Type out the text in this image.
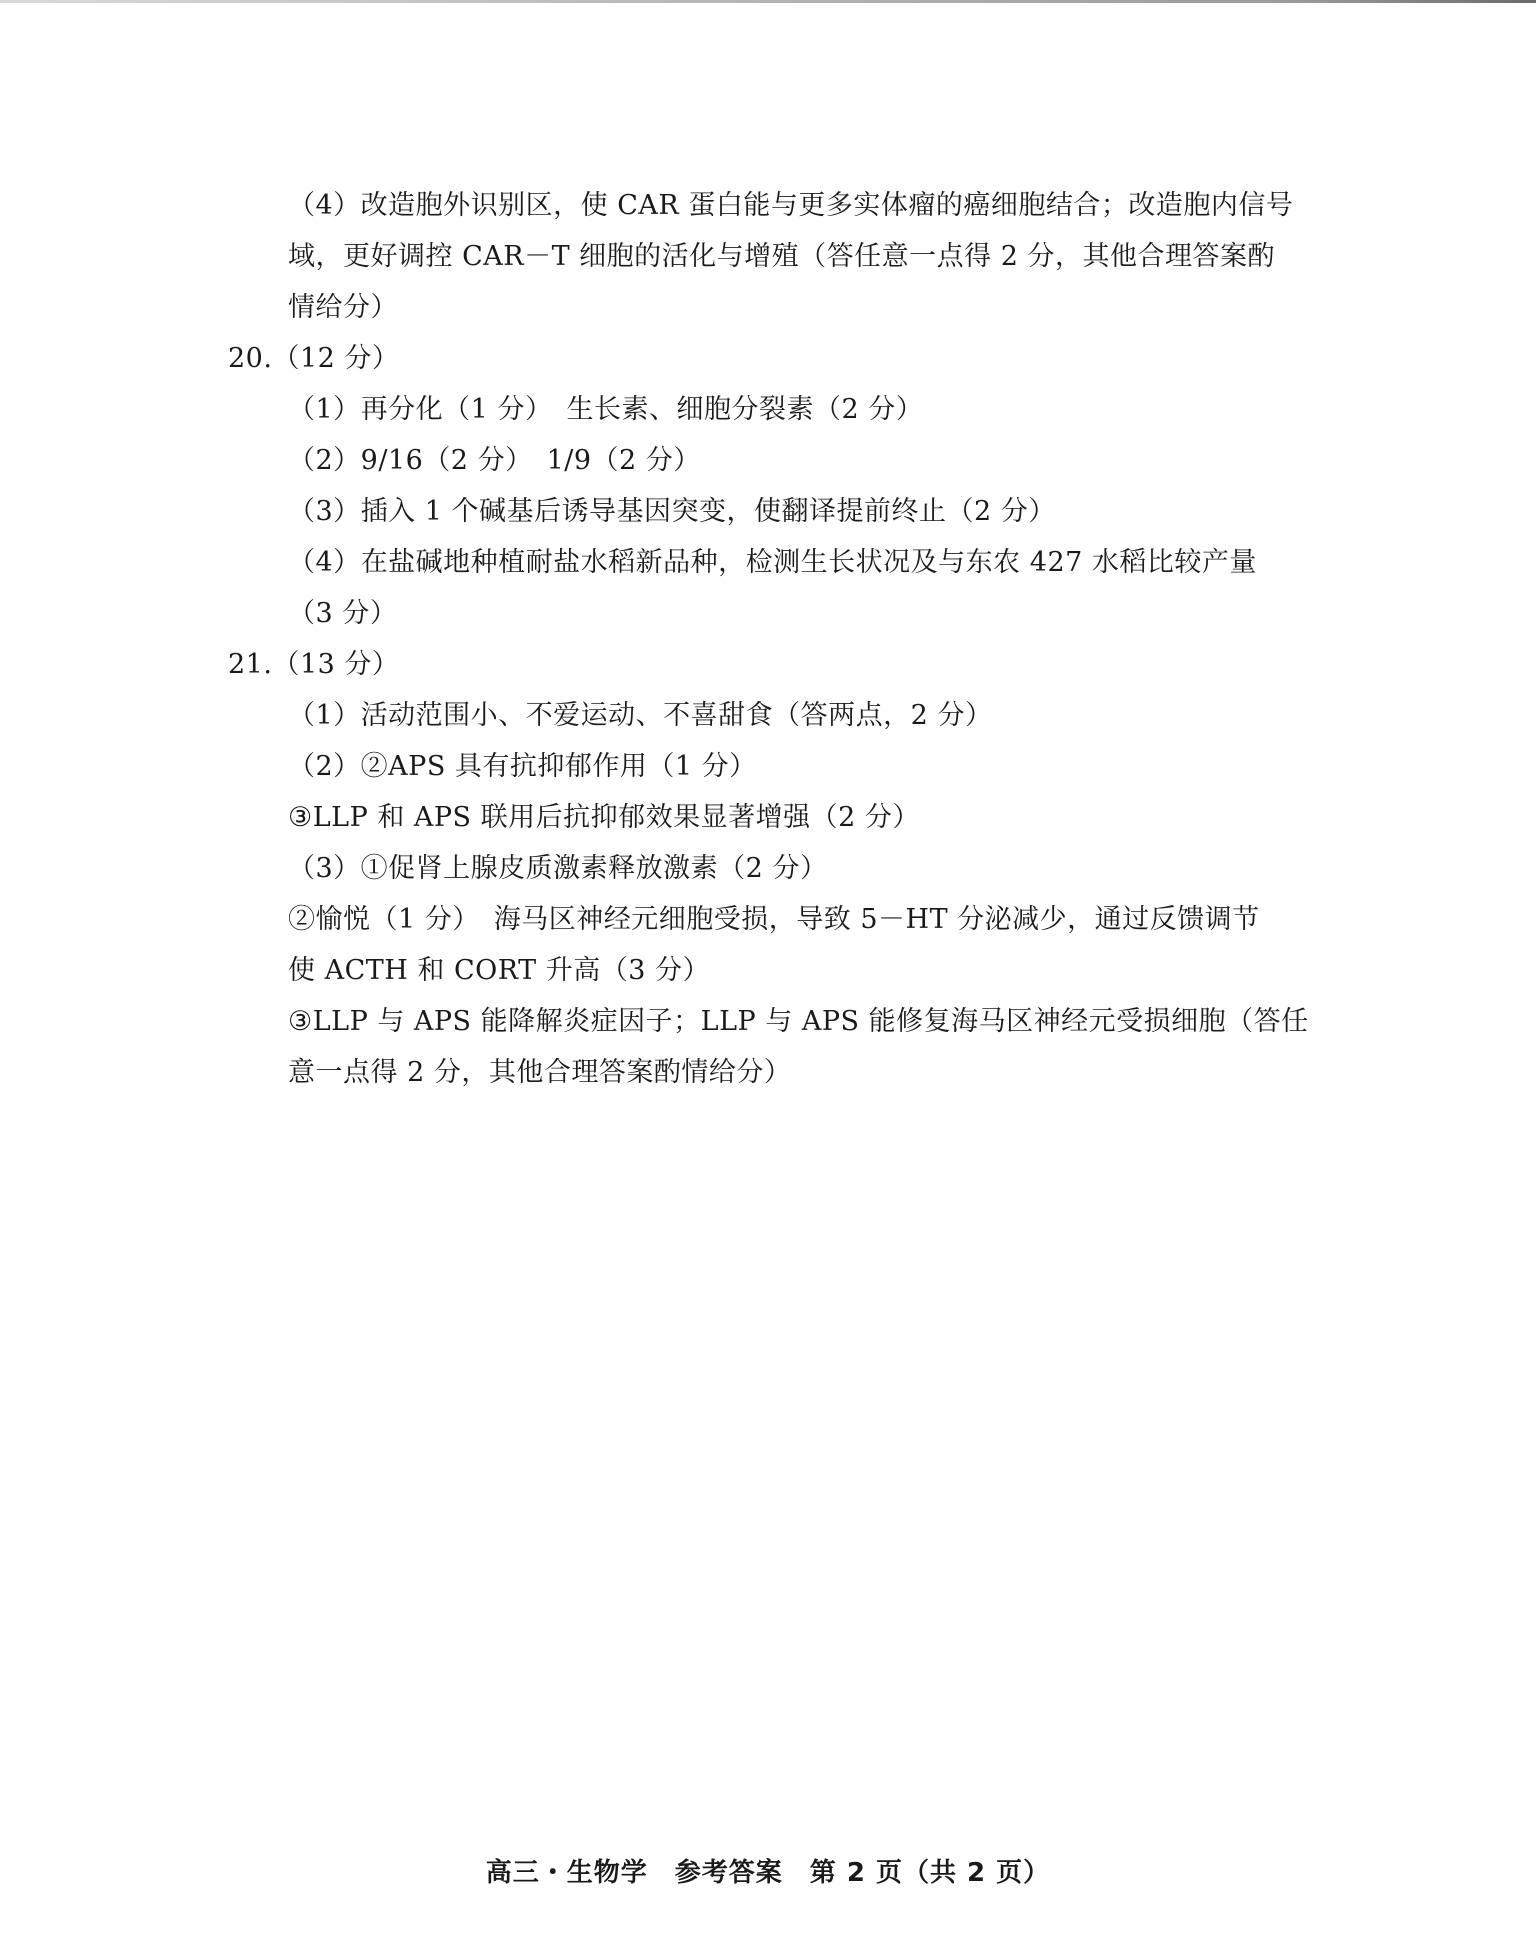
（4）改造胞外识别区，使 CAR 蛋白能与更多实体瘤的癌细胞结合；改造胞内信号
域，更好调控 CAR－T 细胞的活化与增殖（答任意一点得 2 分，其他合理答案酌
情给分）
20.（12 分）
（1）再分化（1 分）　生长素、细胞分裂素（2 分）
（2）9/16（2 分）　1/9（2 分）
（3）插入 1 个碱基后诱导基因突变，使翻译提前终止（2 分）
（4）在盐碱地种植耐盐水稻新品种，检测生长状况及与东农 427 水稻比较产量
（3 分）
21.（13 分）
（1）活动范围小、不爱运动、不喜甜食（答两点，2 分）
（2）②APS 具有抗抑郁作用（1 分）
③LLP 和 APS 联用后抗抑郁效果显著增强（2 分）
（3）①促肾上腺皮质激素释放激素（2 分）
②愉悦（1 分）　海马区神经元细胞受损，导致 5－HT 分泌减少，通过反馈调节
使 ACTH 和 CORT 升高（3 分）
③LLP 与 APS 能降解炎症因子；LLP 与 APS 能修复海马区神经元受损细胞（答任
意一点得 2 分，其他合理答案酌情给分）
高三・生物学　参考答案　第 2 页（共 2 页）
